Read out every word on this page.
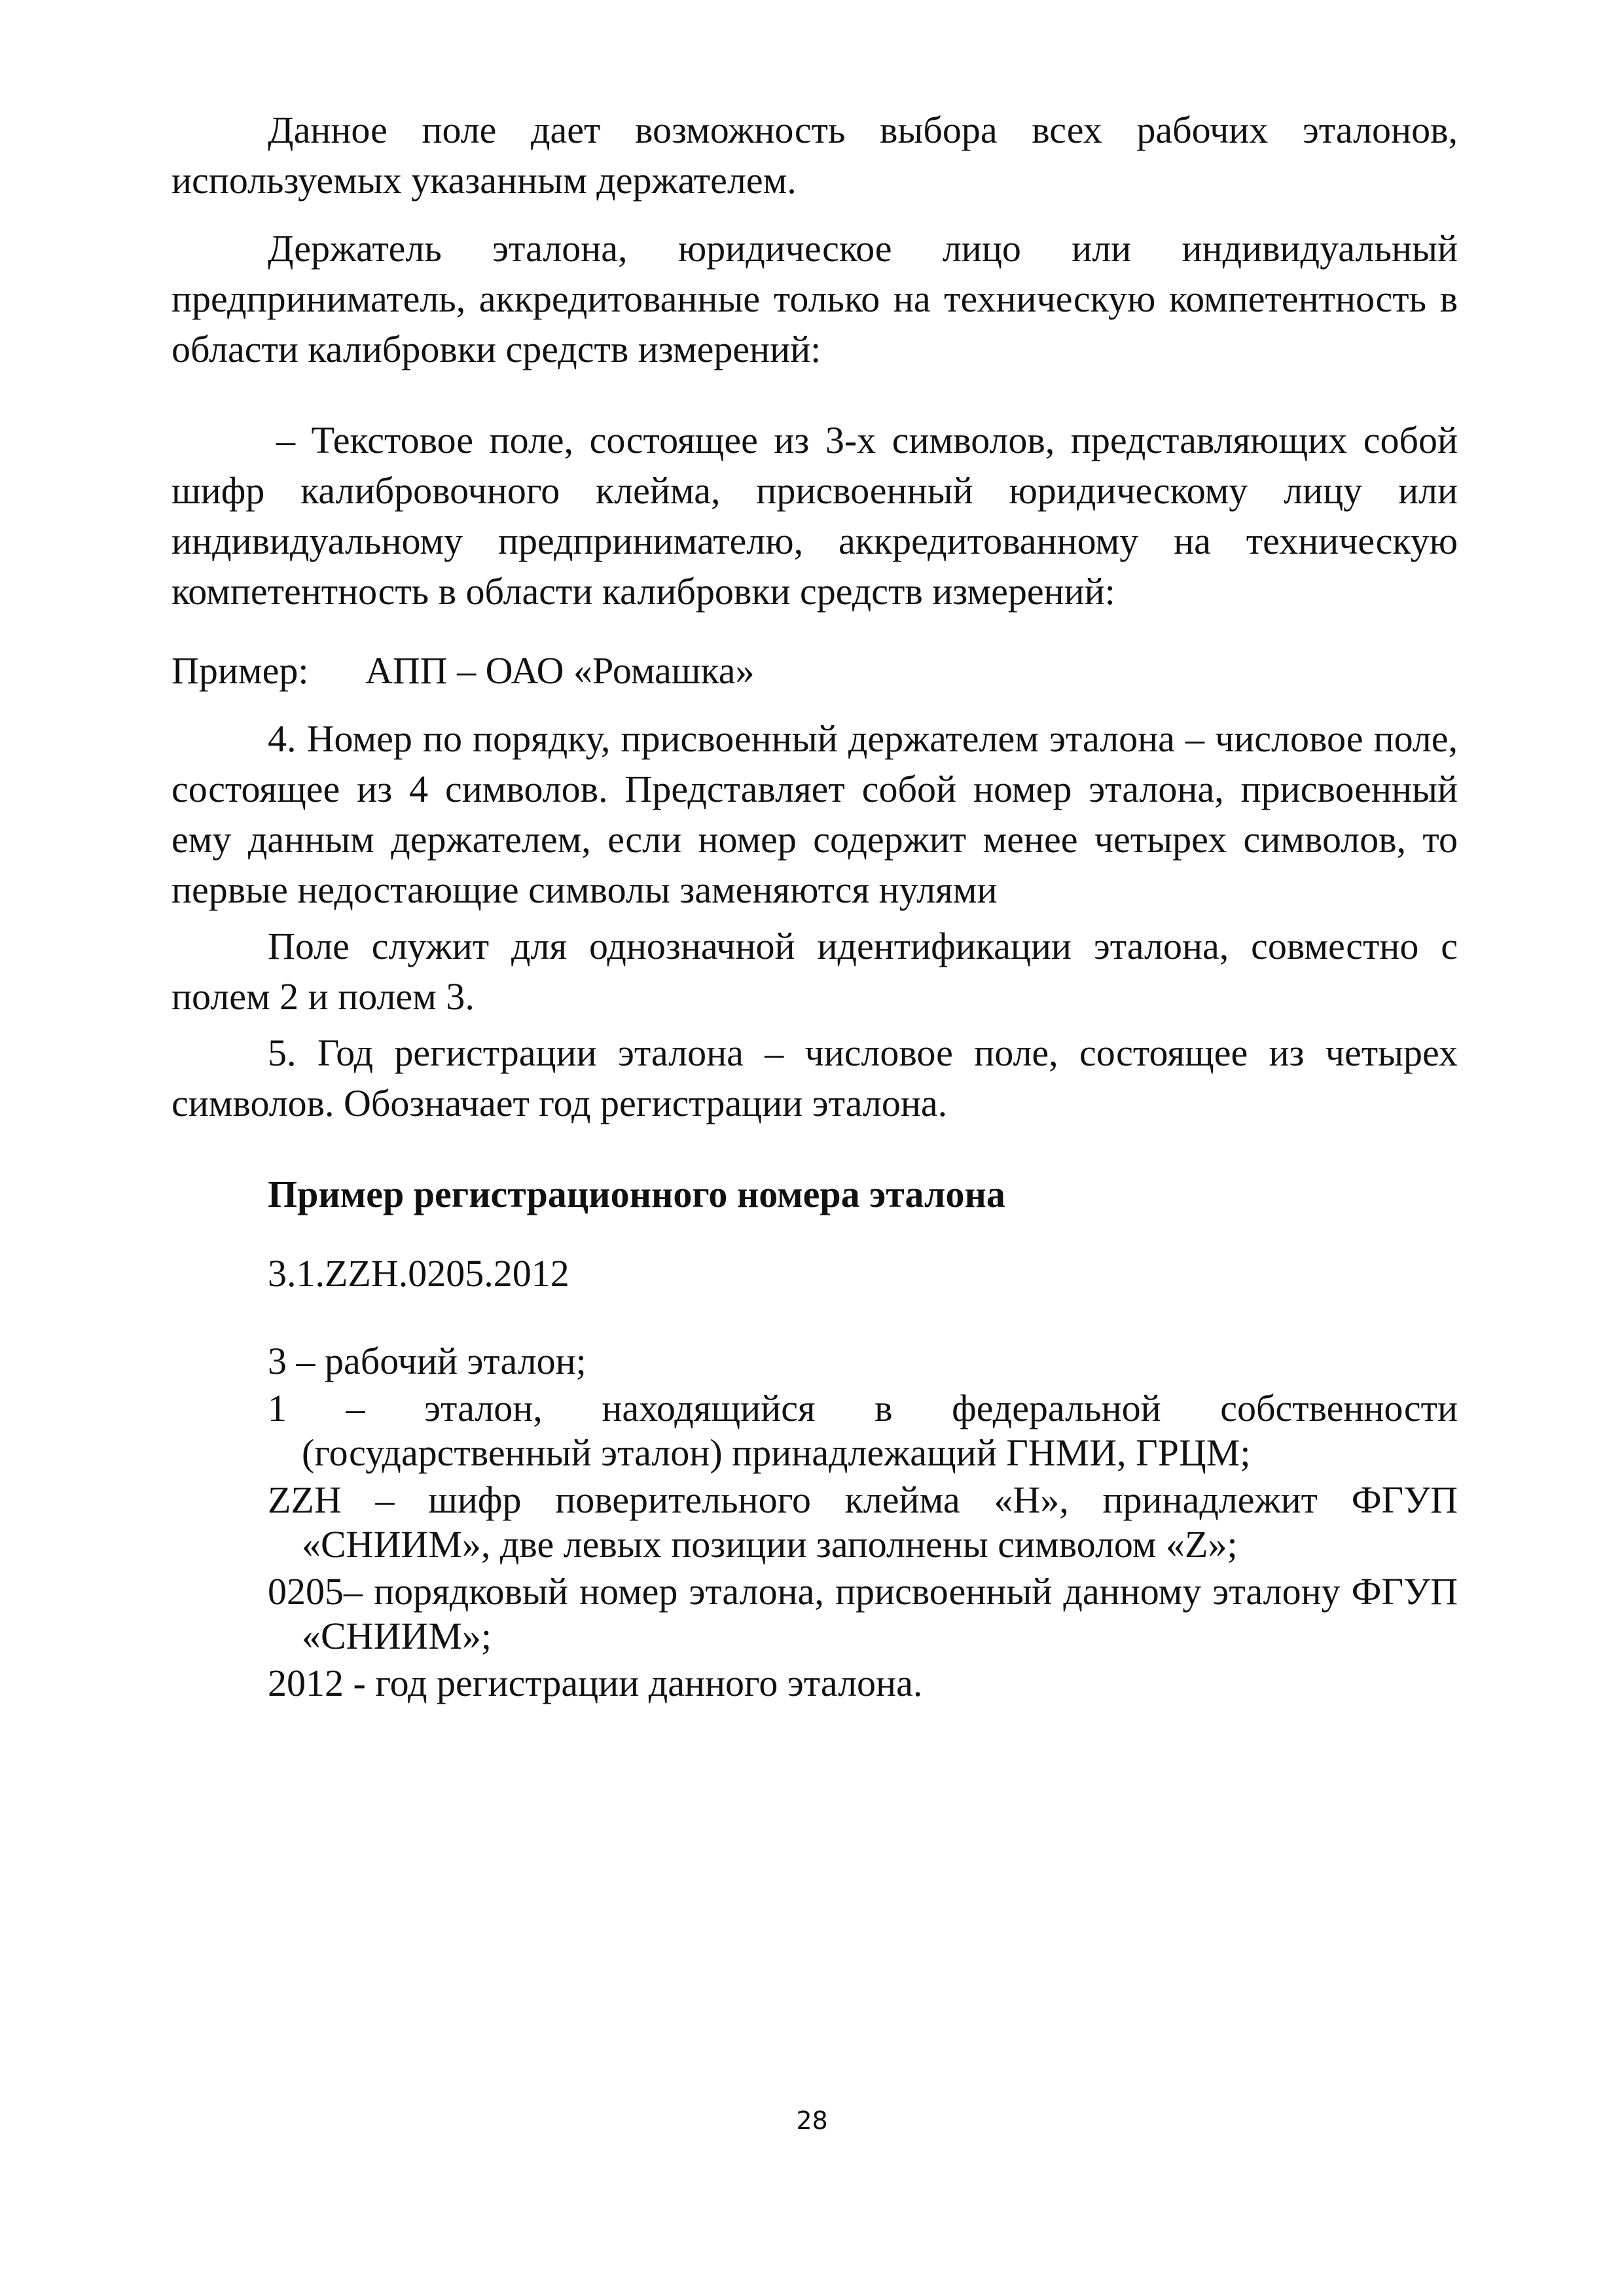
Данное поле дает возможность выбора всех рабочих эталонов, используемых указанным держателем.

Держатель эталона, юридическое лицо или индивидуальный предприниматель, аккредитованные только на техническую компетентность в области калибровки средств измерений:

– Текстовое поле, состоящее из 3-х символов, представляющих собой шифр калибровочного клейма, присвоенный юридическому лицу или индивидуальному предпринимателю, аккредитованному на техническую компетентность в области калибровки средств измерений:

Пример: АПП – ОАО «Ромашка»

4. Номер по порядку, присвоенный держателем эталона – числовое поле, состоящее из 4 символов. Представляет собой номер эталона, присвоенный ему данным держателем, если номер содержит менее четырех символов, то первые недостающие символы заменяются нулями

Поле служит для однозначной идентификации эталона, совместно с полем 2 и полем 3.

5. Год регистрации эталона – числовое поле, состоящее из четырех символов. Обозначает год регистрации эталона.

Пример регистрационного номера эталона

3.1.ZZH.0205.2012

3 – рабочий эталон;

1 – эталон, находящийся в федеральной собственности (государственный эталон) принадлежащий ГНМИ, ГРЦМ;

ZZH – шифр поверительного клейма «H», принадлежит ФГУП «СНИИМ», две левых позиции заполнены символом «Z»;

0205– порядковый номер эталона, присвоенный данному эталону ФГУП «СНИИМ»;

2012 - год регистрации данного эталона.

28
